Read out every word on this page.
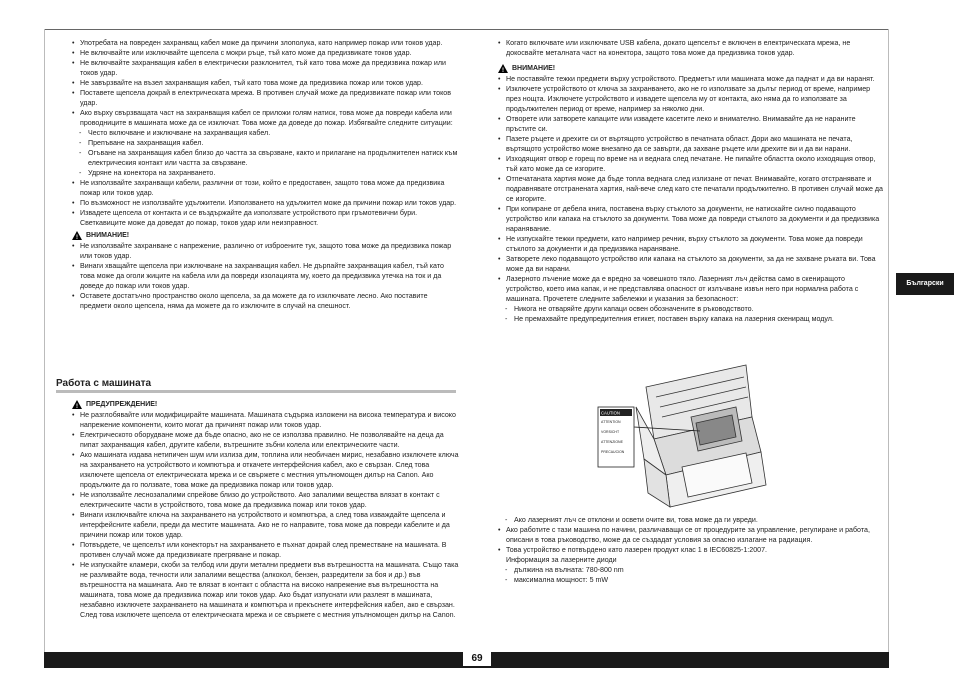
• Употребата на повреден захранващ кабел може да причини злополука, като например пожар или токов удар.
• Не включвайте или изключвайте щепсела с мокри ръце, тъй като може да предизвикате токов удар.
• Не включвайте захранващия кабел в електрически разклонител, тъй като това може да предизвика пожар или токов удар.
• Не завързвайте на възел захранващия кабел, тъй като това може да предизвика пожар или токов удар.
• Поставете щепсела докрай в електрическата мрежа. В противен случай може да предизвикате пожар или токов удар.
• Ако върху свързващата част на захранващия кабел се приложи голям натиск, това може да повреди кабела или проводниците в машината може да се изключат. Това може да доведе до пожар. Избягвайте следните ситуации:
- Често включване и изключване на захранващия кабел.
- Препъване на захранващия кабел.
- Огъване на захранващия кабел близо до частта за свързване, както и прилагане на продължителен натиск към електрическия контакт или частта за свързване.
- Удряне на конектора на захранването.
• Не използвайте захранващи кабели, различни от този, който е предоставен, защото това може да предизвика пожар или токов удар.
• По възможност не използвайте удължители. Използването на удължител може да причини пожар или токов удар.
• Извадете щепсела от контакта и се въздържайте да използвате устройството при гръмотевични бури. Светкавиците може да доведат до пожар, токов удар или неизправност.
! ВНИМАНИЕ!
• Не използвайте захранване с напрежение, различно от изброените тук, защото това може да предизвика пожар или токов удар.
• Винаги хващайте щепсела при изключване на захранващия кабел. Не дърпайте захранващия кабел, тъй като това може да оголи жиците на кабела или да повреди изолацията му, което да предизвика утечка на ток и да доведе до пожар или токов удар.
• Оставете достатъчно пространство около щепсела, за да можете да го изключвате лесно. Ако поставите предмети около щепсела, няма да можете да го изключите в случай на спешност.
Работа с машината
! ПРЕДУПРЕЖДЕНИЕ!
• Не разглобявайте или модифицирайте машината. Машината съдържа изложени на висока температура и високо напрежение компоненти, които могат да причинят пожар или токов удар.
• Електрическото оборудване може да бъде опасно, ако не се използва правилно. Не позволявайте на деца да пипат захранващия кабел, другите кабели, вътрешните зъбни колела или електрическите части.
• Ако машината издава нетипичен шум или излиза дим, топлина или необичаен мирис, незабавно изключете ключа на захранването на устройството и компютъра и откачете интерфейсния кабел, ако е свързан. След това изключете щепсела от електрическата мрежа и се свържете с местния упълномощен дилър на Canon. Ако продължите да го ползвате, това може да предизвика пожар или токов удар.
• Не използвайте леснозапалими спрейове близо до устройството. Ако запалими вещества влязат в контакт с електрическите части в устройството, това може да предизвика пожар или токов удар.
• Винаги изключвайте ключа на захранването на устройството и компютъра, а след това изваждайте щепсела и интерфейсните кабели, преди да местите машината. Ако не го направите, това може да повреди кабелите и да причини пожар или токов удар.
• Потвърдете, че щепселът или конекторът на захранването е пъхнат докрай след преместване на машината. В противен случай може да предизвикате прегряване и пожар.
• Не изпускайте кламери, скоби за телбод или други метални предмети във вътрешността на машината. Също така не разливайте вода, течности или запалими вещества (алкохол, бензен, разредители за боя и др.) във вътрешността на машината. Ако те влязат в контакт с областта на високо напрежение във вътрешността на машината, това може да предизвика пожар или токов удар. Ако бъдат изпуснати или разлеят в машината, незабавно изключете захранването на машината и компютъра и прекъснете интерфейсния кабел, ако е свързан. След това изключете щепсела от електрическата мрежа и се свържете с местния упълномощен дилър на Canon.
• Когато включвате или изключвате USB кабела, докато щепселът е включен в електрическата мрежа, не докосвайте металната част на конектора, защото това може да предизвика токов удар.
! ВНИМАНИЕ!
• Не поставяйте тежки предмети върху устройството. Предметът или машината може да паднат и да ви наранят.
• Изключете устройството от ключа за захранването, ако не го използвате за дълъг период от време, например през нощта. Изключете устройството и извадете щепсела му от контакта, ако няма да го използвате за продължителен период от време, например за няколко дни.
• Отворете или затворете капаците или извадете касетите леко и внимателно. Внимавайте да не нараните пръстите си.
• Пазете ръцете и дрехите си от въртящото устройство в печатната област. Дори ако машината не печата, въртящото устройство може внезапно да се завърти, да захване ръцете или дрехите ви и да ви нарани.
• Изходящият отвор е горещ по време на и веднага след печатане. Не пипайте областта около изходящия отвор, тъй като може да се изгорите.
• Отпечатаната хартия може да бъде топла веднага след излизане от печат. Внимавайте, когато отстранявате и подравнявате отстранената хартия, най-вече след като сте печатали продължително. В противен случай може да се изгорите.
• При копиране от дебела книга, поставена върху стъклото за документи, не натискайте силно подаващото устройство или капака на стъклото за документи. Това може да повреди стъклото за документи и да предизвика наранявание.
• Не изпускайте тежки предмети, като например речник, върху стъклото за документи. Това може да повреди стъклото за документи и да предизвика нараняване.
• Затворете леко подаващото устройство или капака на стъклото за документи, за да не захване ръката ви. Това може да ви нарани.
• Лазерното лъчение може да е вредно за човешкото тяло. Лазерният лъч действа само в скениращото устройство, което има капак, и не представлява опасност от излъчване извън него при нормална работа с машината. Прочетете следните забележки и указания за безопасност:
- Никога не отваряйте други капаци освен обозначените в ръководството.
- Не премахвайте предупредителния етикет, поставен върху капака на лазерния скениращ модул.
CAUTION
ATTENTION
VORSICHT
ATTENZIONE
PRECAUCION
- Ако лазерният лъч се отклони и освети очите ви, това може да ги увреди.
• Ако работите с тази машина по начини, различаващи се от процедурите за управление, регулиране и работа, описани в това ръководство, може да се създадат условия за опасно излагане на радиация.
• Това устройство е потвърдено като лазерен продукт клас 1 в IEC60825-1:2007.
Информация за лазерните диоди
- дължина на вълната: 780-800 nm
- максимална мощност: 5 mW
Български
69
